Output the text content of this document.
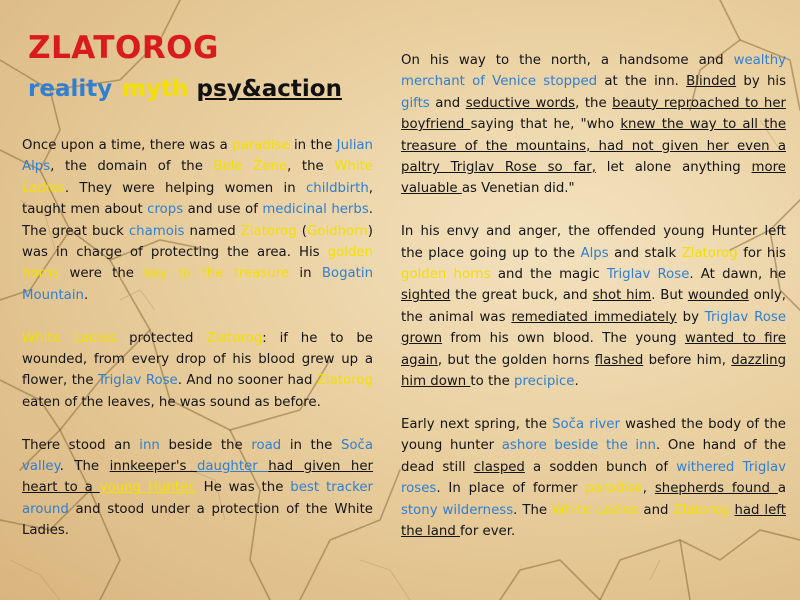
ZLATOROG
reality myth psy&action

Once upon a time, there was a paradise in the Julian Alps, the domain of the Bele Žene, the White Ladies. They were helping women in childbirth, taught men about crops and use of medicinal herbs. The great buck chamois named Zlatorog (Goldhorn) was in charge of protecting the area. His golden horns were the key to the treasure in Bogatin Mountain.

White Ladies protected Zlatorog: if he to be wounded, from every drop of his blood grew up a flower, the Triglav Rose. And no sooner had Zlatorog eaten of the leaves, he was sound as before.

There stood an inn beside the road in the Soča valley. The innkeeper's daughter had given her heart to a young Hunter. He was the best tracker around and stood under a protection of the White Ladies.

On his way to the north, a handsome and wealthy merchant of Venice stopped at the inn. Blinded by his gifts and seductive words, the beauty reproached to her boyfriend saying that he, "who knew the way to all the treasure of the mountains, had not given her even a paltry Triglav Rose so far, let alone anything more valuable as Venetian did."

In his envy and anger, the offended young Hunter left the place going up to the Alps and stalk Zlatorog for his golden horns and the magic Triglav Rose. At dawn, he sighted the great buck, and shot him. But wounded only, the animal was remediated immediately by Triglav Rose grown from his own blood. The young wanted to fire again, but the golden horns flashed before him, dazzling him down to the precipice.

Early next spring, the Soča river washed the body of the young hunter ashore beside the inn. One hand of the dead still clasped a sodden bunch of withered Triglav roses. In place of former paradise, shepherds found a stony wilderness. The White Ladies and Zlatorog had left the land for ever.
